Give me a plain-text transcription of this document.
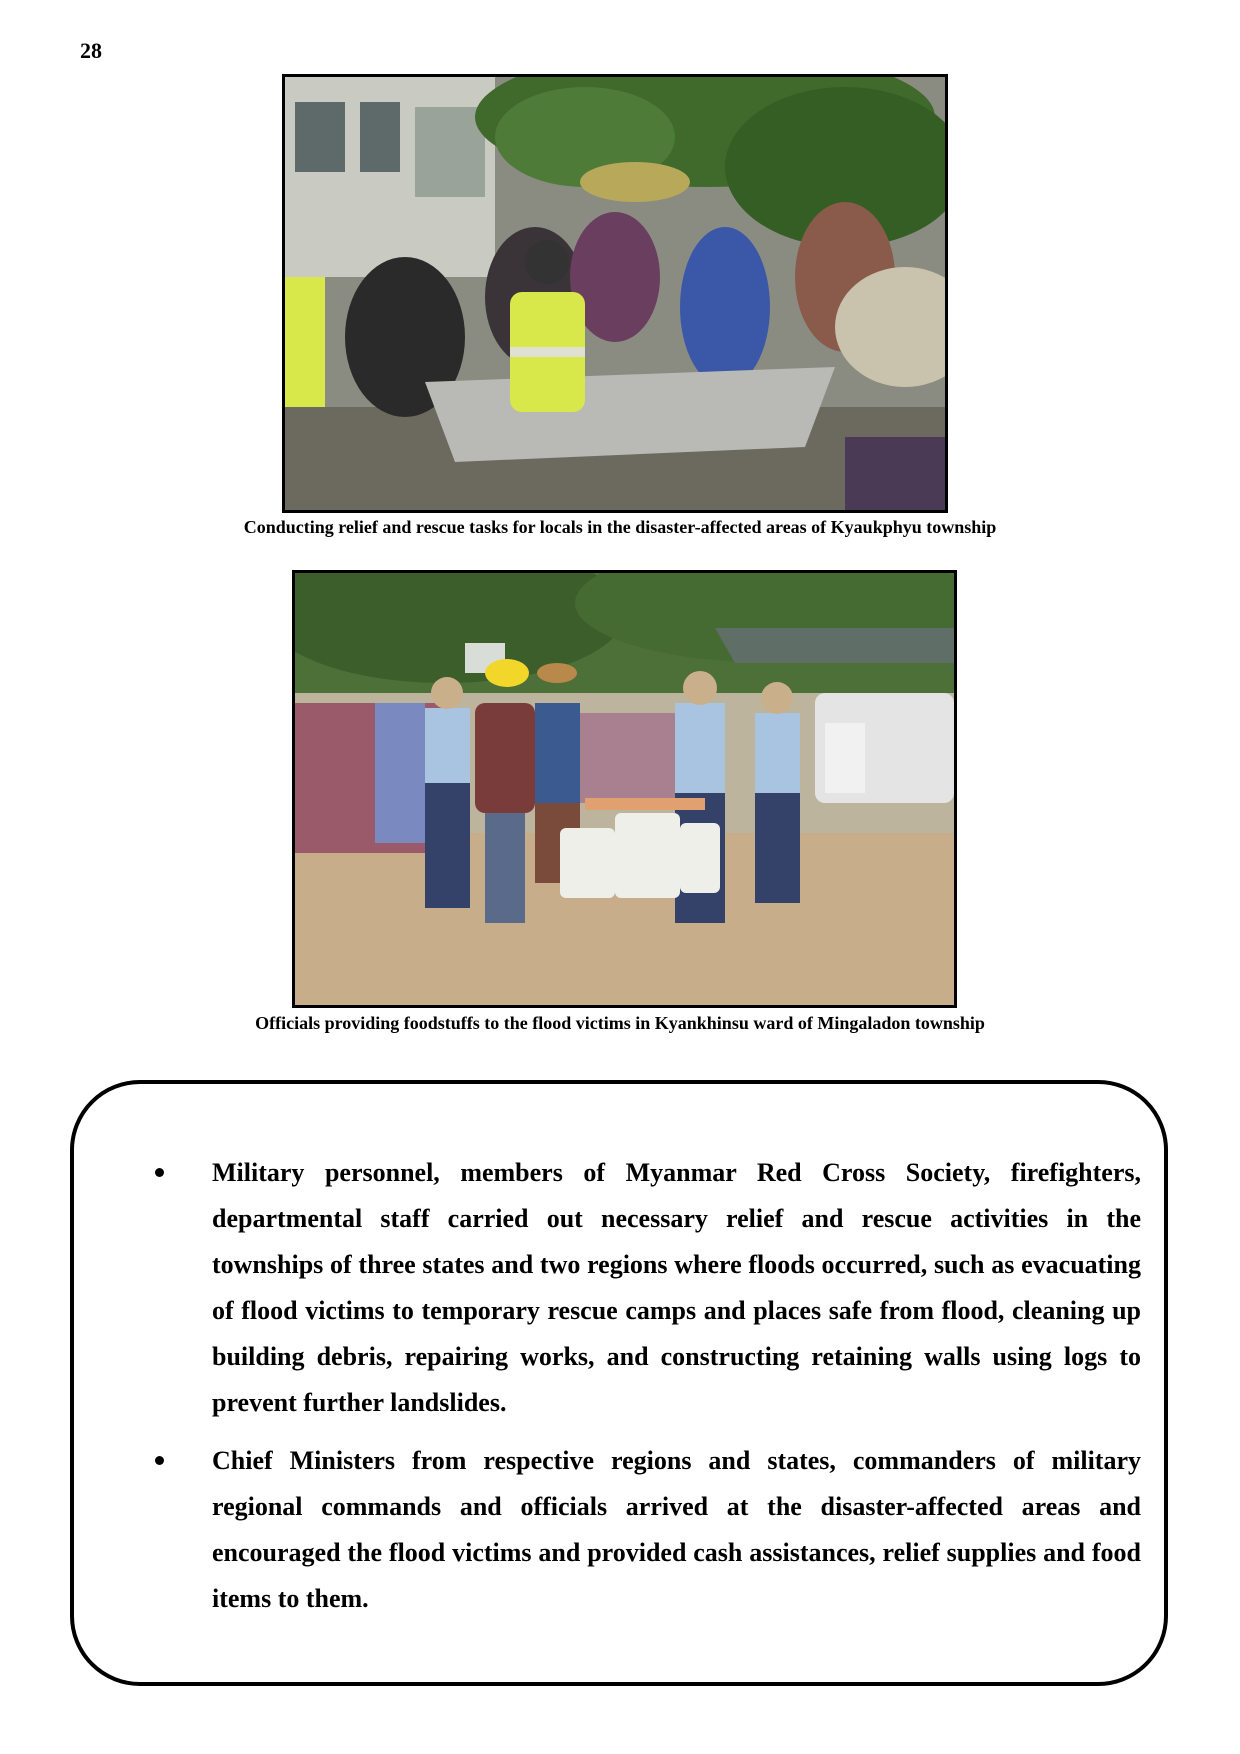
28
Conducting relief and rescue tasks for locals in the disaster-affected areas of Kyaukphyu township
Officials providing foodstuffs to the flood victims in Kyankhinsu ward of Mingaladon township
Military personnel, members of Myanmar Red Cross Society, firefighters, departmental staff carried out necessary relief and rescue activities in the townships of three states and two regions where floods occurred, such as evacuating of flood victims to temporary rescue camps and places safe from flood, cleaning up building debris, repairing works, and constructing retaining walls using logs to prevent further landslides.
Chief Ministers from respective regions and states, commanders of military regional commands and officials arrived at the disaster-affected areas and encouraged the flood victims and provided cash assistances, relief supplies and food items to them.
